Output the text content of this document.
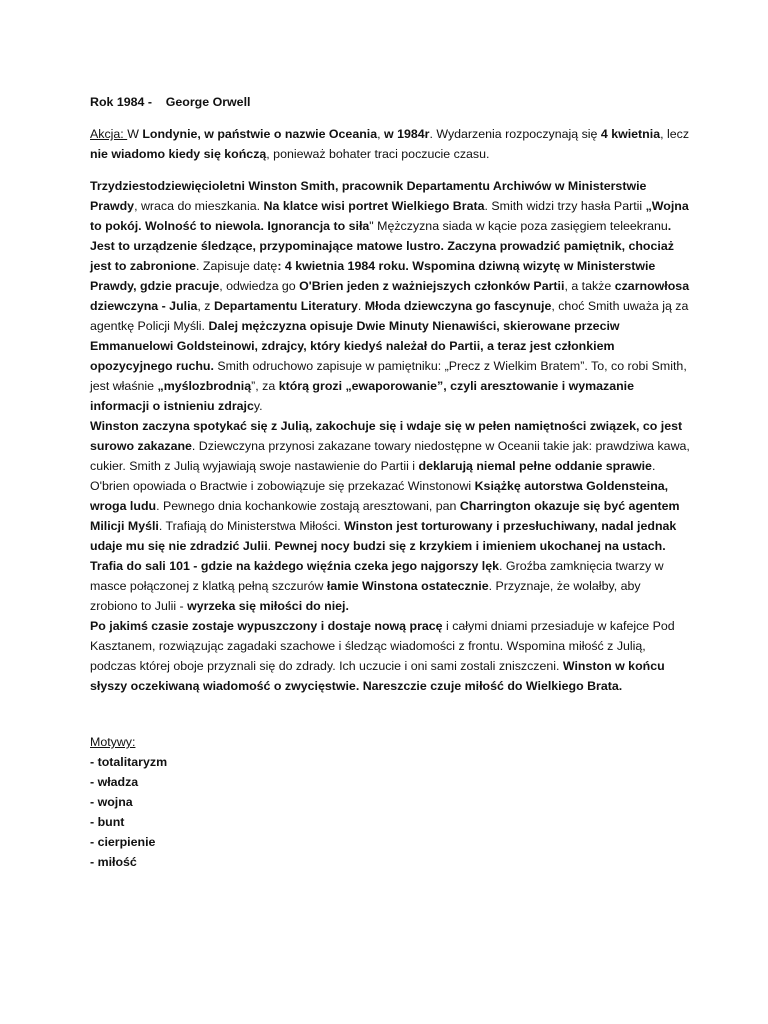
Rok 1984 -    George Orwell

Akcja: W Londynie, w państwie o nazwie Oceania, w 1984r. Wydarzenia rozpoczynają się 4 kwietnia, lecz nie wiadomo kiedy się kończą, ponieważ bohater traci poczucie czasu.

Trzydziestodziewięcioletni Winston Smith, pracownik Departamentu Archiwów w Ministerstwie Prawdy, wraca do mieszkania. Na klatce wisi portret Wielkiego Brata. Smith widzi trzy hasła Partii „Wojna to pokój. Wolność to niewola. Ignorancja to siła" Mężczyzna siada w kącie poza zasięgiem teleekranu. Jest to urządzenie śledzące, przypominające matowe lustro. Zaczyna prowadzić pamiętnik, chociaż jest to zabronione. Zapisuje datę: 4 kwietnia 1984 roku. Wspomina dziwną wizytę w Ministerstwie Prawdy, gdzie pracuje, odwiedza go O'Brien jeden z ważniejszych członków Partii, a także czarnowłosa dziewczyna - Julia, z Departamentu Literatury. Młoda dziewczyna go fascynuje, choć Smith uważa ją za agentkę Policji Myśli. Dalej mężczyzna opisuje Dwie Minuty Nienawiści, skierowane przeciw Emmanuelowi Goldsteinowi, zdrajcy, który kiedyś należał do Partii, a teraz jest członkiem opozycyjnego ruchu. Smith odruchowo zapisuje w pamiętniku: „Precz z Wielkim Bratem”. To, co robi Smith, jest właśnie „myślozbrodnią”, za którą grozi „ewaporowanie”, czyli aresztowanie i wymazanie informacji o istnieniu zdrajcy.

Winston zaczyna spotykać się z Julią, zakochuje się i wdaje się w pełen namiętności związek, co jest surowo zakazane. Dziewczyna przynosi zakazane towary niedostępne w Oceanii takie jak: prawdziwa kawa, cukier. Smith z Julią wyjawiają swoje nastawienie do Partii i deklarują niemal pełne oddanie sprawie. O'brien opowiada o Bractwie i zobowiązuje się przekazać Winstonowi Książkę autorstwa Goldensteina, wroga ludu. Pewnego dnia kochankowie zostają aresztowani, pan Charrington okazuje się być agentem Milicji Myśli. Trafiają do Ministerstwa Miłości. Winston jest torturowany i przesłuchiwany, nadal jednak udaje mu się nie zdradzić Julii. Pewnej nocy budzi się z krzykiem i imieniem ukochanej na ustach. Trafia do sali 101 - gdzie na każdego więźnia czeka jego najgorszy lęk. Groźba zamknięcia twarzy w masce połączonej z klatką pełną szczurów łamie Winstona ostatecznie. Przyznaje, że wolałby, aby zrobiono to Julii - wyrzeka się miłości do niej.

Po jakimś czasie zostaje wypuszczony i dostaje nową pracę i całymi dniami przesiaduje w kafejce Pod Kasztanem, rozwiązując zagadaki szachowe i śledząc wiadomości z frontu. Wspomina miłość z Julią, podczas której oboje przyznali się do zdrady. Ich uczucie i oni sami zostali zniszczeni. Winston w końcu słyszy oczekiwaną wiadomość o zwycięstwie. Nareszczie czuje miłość do Wielkiego Brata.

Motywy:

- totalitaryzm

- władza

- wojna

- bunt

- cierpienie

- miłość
